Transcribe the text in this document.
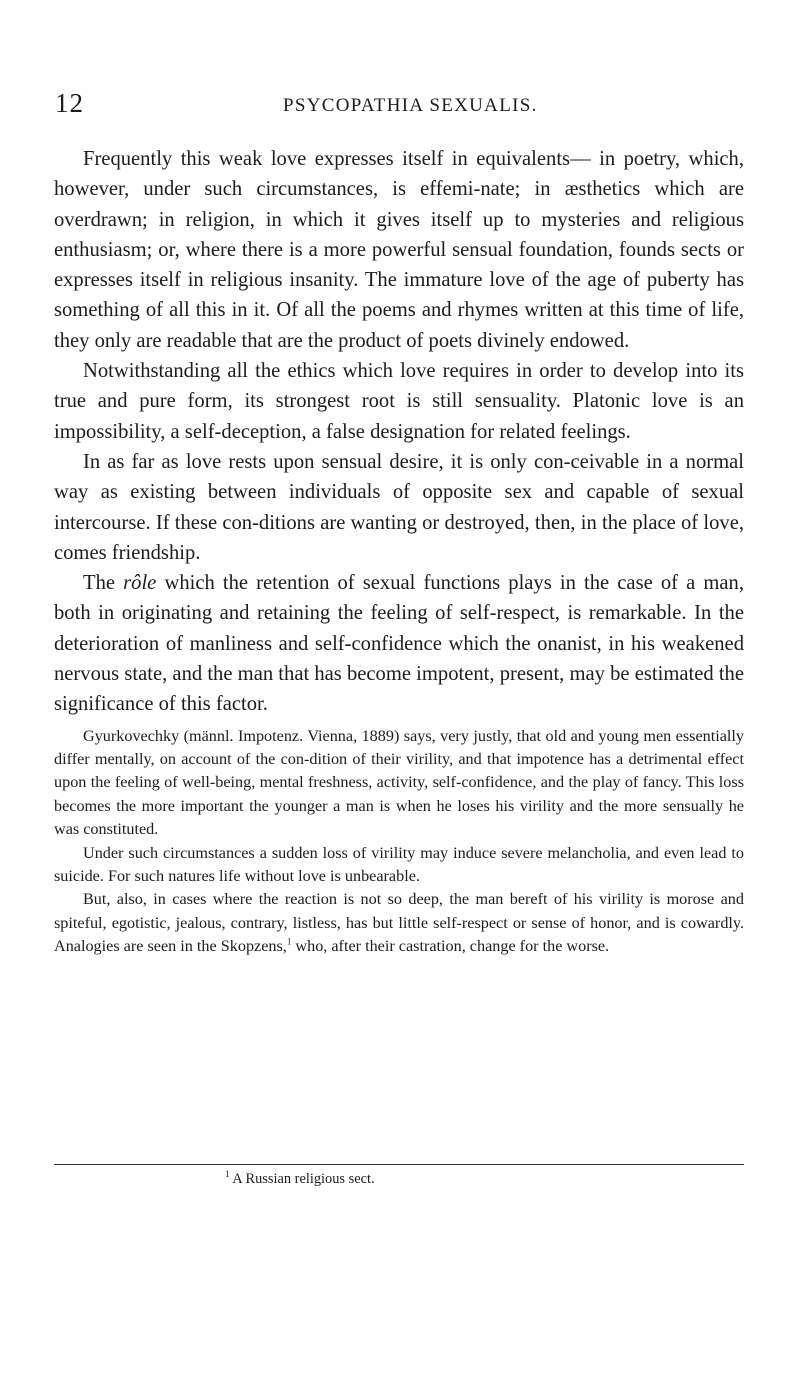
12	PSYCOPATHIA SEXUALIS.

Frequently this weak love expresses itself in equivalents— in poetry, which, however, under such circumstances, is effemi-nate; in æsthetics which are overdrawn; in religion, in which it gives itself up to mysteries and religious enthusiasm; or, where there is a more powerful sensual foundation, founds sects or expresses itself in religious insanity. The immature love of the age of puberty has something of all this in it. Of all the poems and rhymes written at this time of life, they only are readable that are the product of poets divinely endowed.

Notwithstanding all the ethics which love requires in order to develop into its true and pure form, its strongest root is still sensuality. Platonic love is an impossibility, a self-deception, a false designation for related feelings.

In as far as love rests upon sensual desire, it is only con-ceivable in a normal way as existing between individuals of opposite sex and capable of sexual intercourse. If these con-ditions are wanting or destroyed, then, in the place of love, comes friendship.

The rôle which the retention of sexual functions plays in the case of a man, both in originating and retaining the feeling of self-respect, is remarkable. In the deterioration of manliness and self-confidence which the onanist, in his weakened nervous state, and the man that has become impotent, present, may be estimated the significance of this factor.

Gyurkovechky (männl. Impotenz. Vienna, 1889) says, very justly, that old and young men essentially differ mentally, on account of the con-dition of their virility, and that impotence has a detrimental effect upon the feeling of well-being, mental freshness, activity, self-confidence, and the play of fancy. This loss becomes the more important the younger a man is when he loses his virility and the more sensually he was constituted.

Under such circumstances a sudden loss of virility may induce severe melancholia, and even lead to suicide. For such natures life without love is unbearable.

But, also, in cases where the reaction is not so deep, the man bereft of his virility is morose and spiteful, egotistic, jealous, contrary, listless, has but little self-respect or sense of honor, and is cowardly. Analogies are seen in the Skopzens,$^1$ who, after their castration, change for the worse.

$^1$ A Russian religious sect.
